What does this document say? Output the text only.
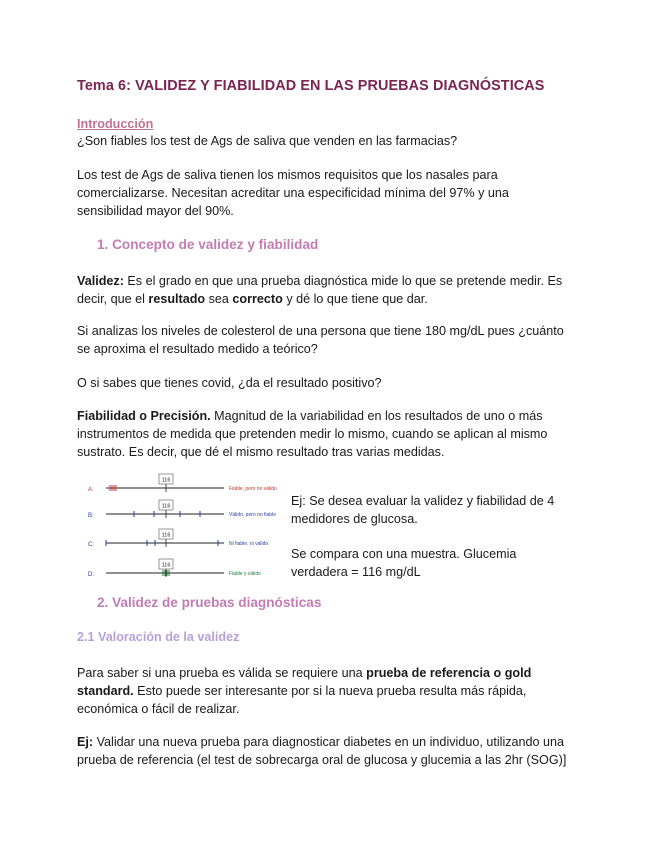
Tema 6: VALIDEZ Y FIABILIDAD EN LAS PRUEBAS DIAGNÓSTICAS
Introducción
¿Son fiables los test de Ags de saliva que venden en las farmacias?
Los test de Ags de saliva tienen los mismos requisitos que los nasales para
comercializarse. Necesitan acreditar una especificidad mínima del 97% y una
sensibilidad mayor del 90%.
1. Concepto de validez y fiabilidad
Validez: Es el grado en que una prueba diagnóstica mide lo que se pretende medir. Es
decir, que el resultado sea correcto y dé lo que tiene que dar.
Si analizas los niveles de colesterol de una persona que tiene 180 mg/dL pues ¿cuánto
se aproxima el resultado medido a teórico?
O si sabes que tienes covid, ¿da el resultado positivo?
Fiabilidad o Precisión. Magnitud de la variabilidad en los resultados de uno o más
instrumentos de medida que pretenden medir lo mismo, cuando se aplican al mismo
sustrato. Es decir, que dé el mismo resultado tras varias medidas.
A:
116
Fiable, pero no válido
B:
116
Válido, pero no fiable
C:
116
Ni fiable, ni válido
D:
116
Fiable y válido
Ej: Se desea evaluar la validez y fiabilidad de 4
medidores de glucosa.
Se compara con una muestra. Glucemia
verdadera = 116 mg/dL
2. Validez de pruebas diagnósticas
2.1 Valoración de la validez
Para saber si una prueba es válida se requiere una prueba de referencia o gold
standard. Esto puede ser interesante por si la nueva prueba resulta más rápida,
económica o fácil de realizar.
Ej: Validar una nueva prueba para diagnosticar diabetes en un individuo, utilizando una
prueba de referencia (el test de sobrecarga oral de glucosa y glucemia a las 2hr (SOG)]
